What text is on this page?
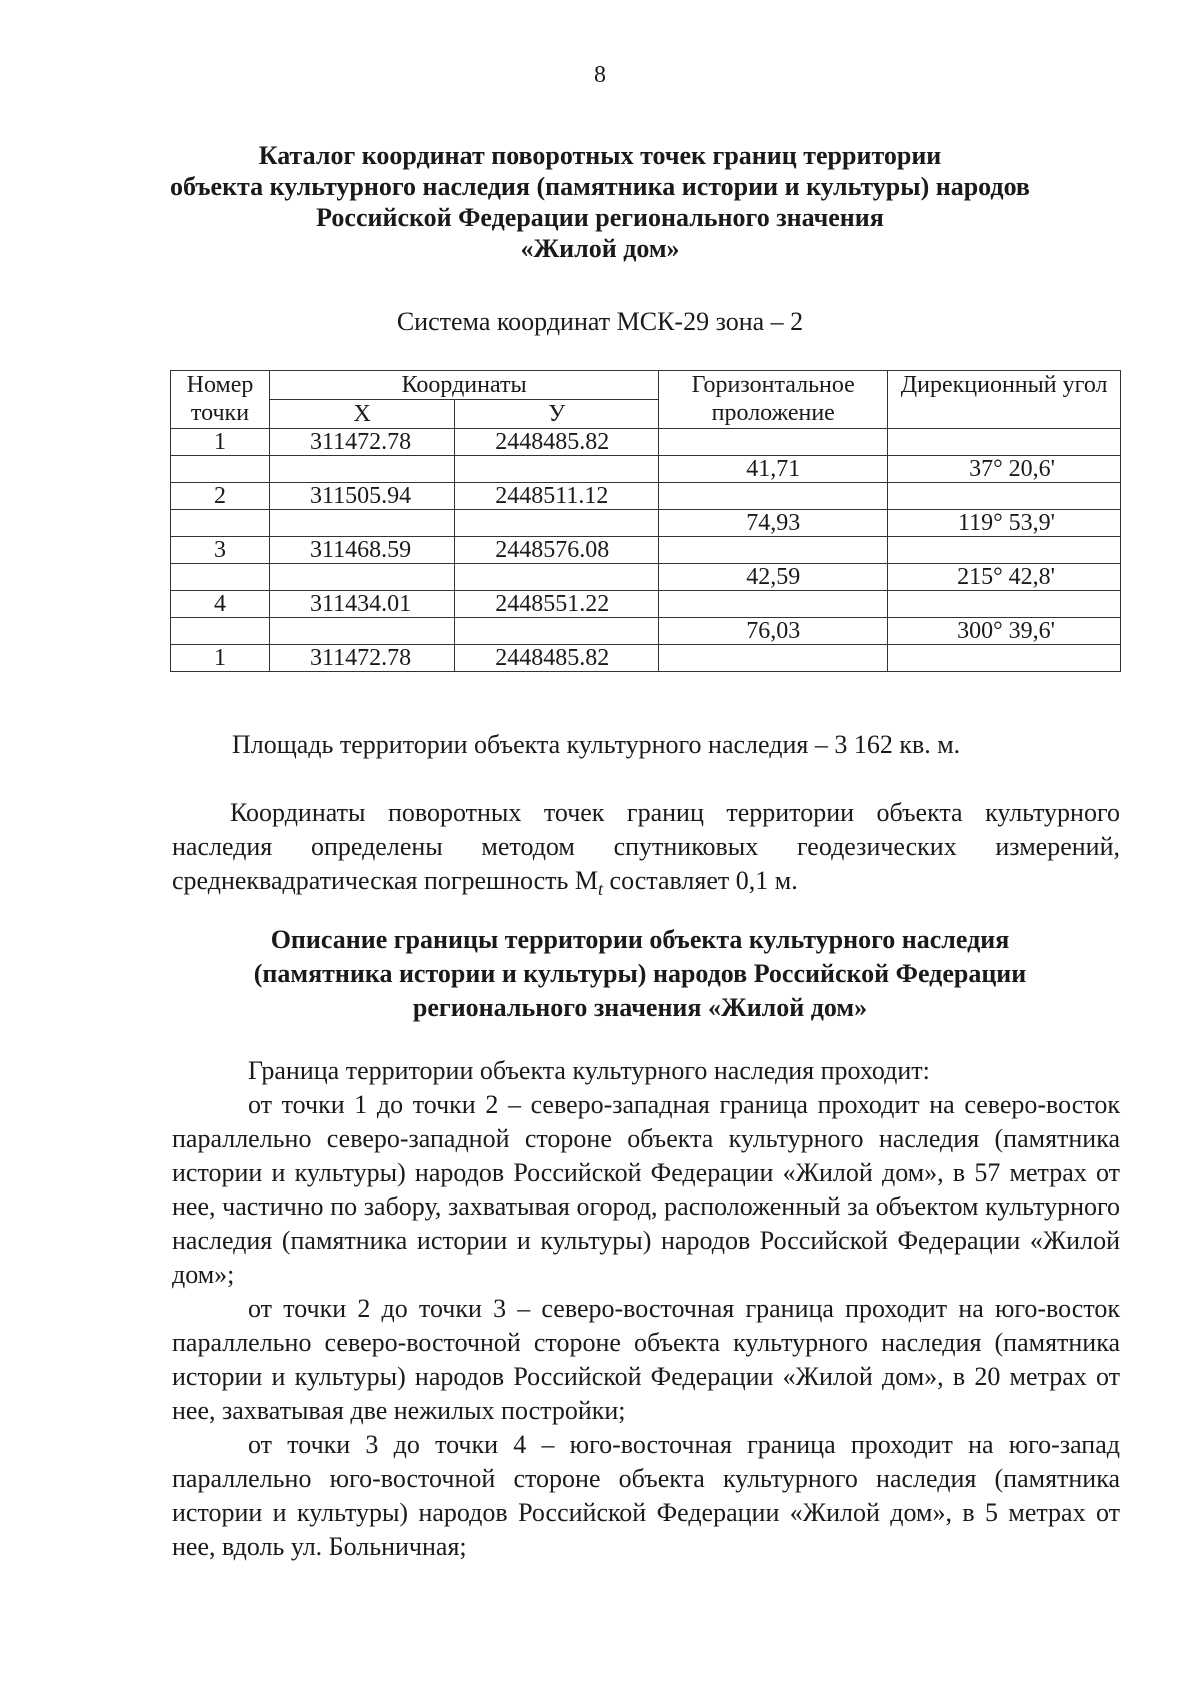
8
Каталог координат поворотных точек границ территории
объекта культурного наследия (памятника истории и культуры) народов
Российской Федерации регионального значения
«Жилой дом»
Система координат МСК-29 зона – 2
Номер точки	Координаты		Горизонтальное проложение	Дирекционный угол
	X	У		
1	311472.78	2448485.82		
			41,71	37° 20,6'
2	311505.94	2448511.12		
			74,93	119° 53,9'
3	311468.59	2448576.08		
			42,59	215° 42,8'
4	311434.01	2448551.22		
			76,03	300° 39,6'
1	311472.78	2448485.82		
Площадь территории объекта культурного наследия – 3 162 кв. м.
Координаты поворотных точек границ территории объекта культурного наследия определены методом спутниковых геодезических измерений, среднеквадратическая погрешность $M_t$ составляет 0,1 м.
Описание границы территории объекта культурного наследия
(памятника истории и культуры) народов Российской Федерации
регионального значения «Жилой дом»

Граница территории объекта культурного наследия проходит:

от точки 1 до точки 2 – северо-западная граница проходит на северо-восток параллельно северо-западной стороне объекта культурного наследия (памятника истории и культуры) народов Российской Федерации «Жилой дом», в 57 метрах от нее, частично по забору, захватывая огород, расположенный за объектом культурного наследия (памятника истории и культуры) народов Российской Федерации «Жилой дом»;

от точки 2 до точки 3 – северо-восточная граница проходит на юго-восток параллельно северо-восточной стороне объекта культурного наследия (памятника истории и культуры) народов Российской Федерации «Жилой дом», в 20 метрах от нее, захватывая две нежилых постройки;

от точки 3 до точки 4 – юго-восточная граница проходит на юго-запад параллельно юго-восточной стороне объекта культурного наследия (памятника истории и культуры) народов Российской Федерации «Жилой дом», в 5 метрах от нее, вдоль ул. Больничная;
